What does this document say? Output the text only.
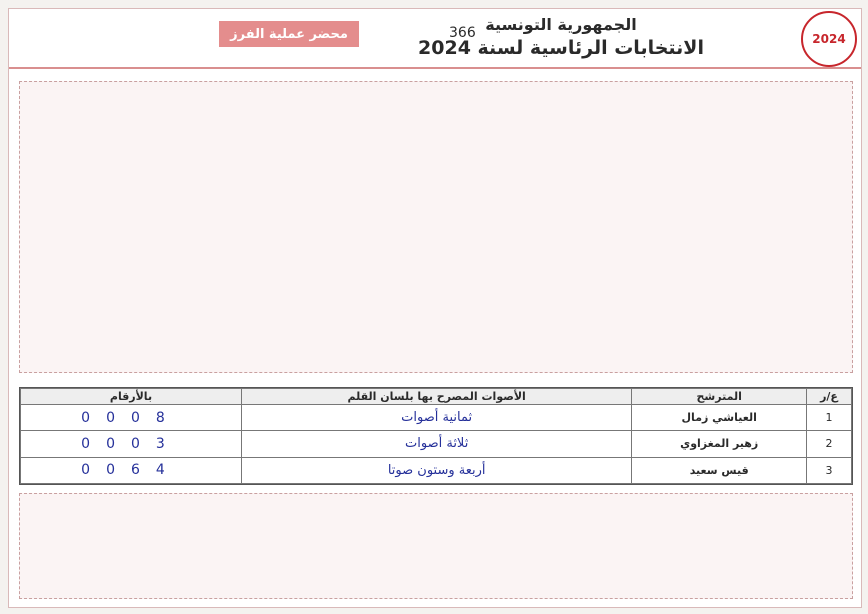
2024
الجمهورية التونسية
الانتخابات الرئاسية لسنة 2024
366
محضر عملية الفرز
بالأرقام	الأصوات المصرح بها بلسان القلم	المترشح	ع/ر
0008	ثمانية أصوات	العياشي زمال	1
0003	ثلاثة أصوات	زهير المغزاوي	2
0064	أربعة وستون صوتا	قيس سعيد	3
